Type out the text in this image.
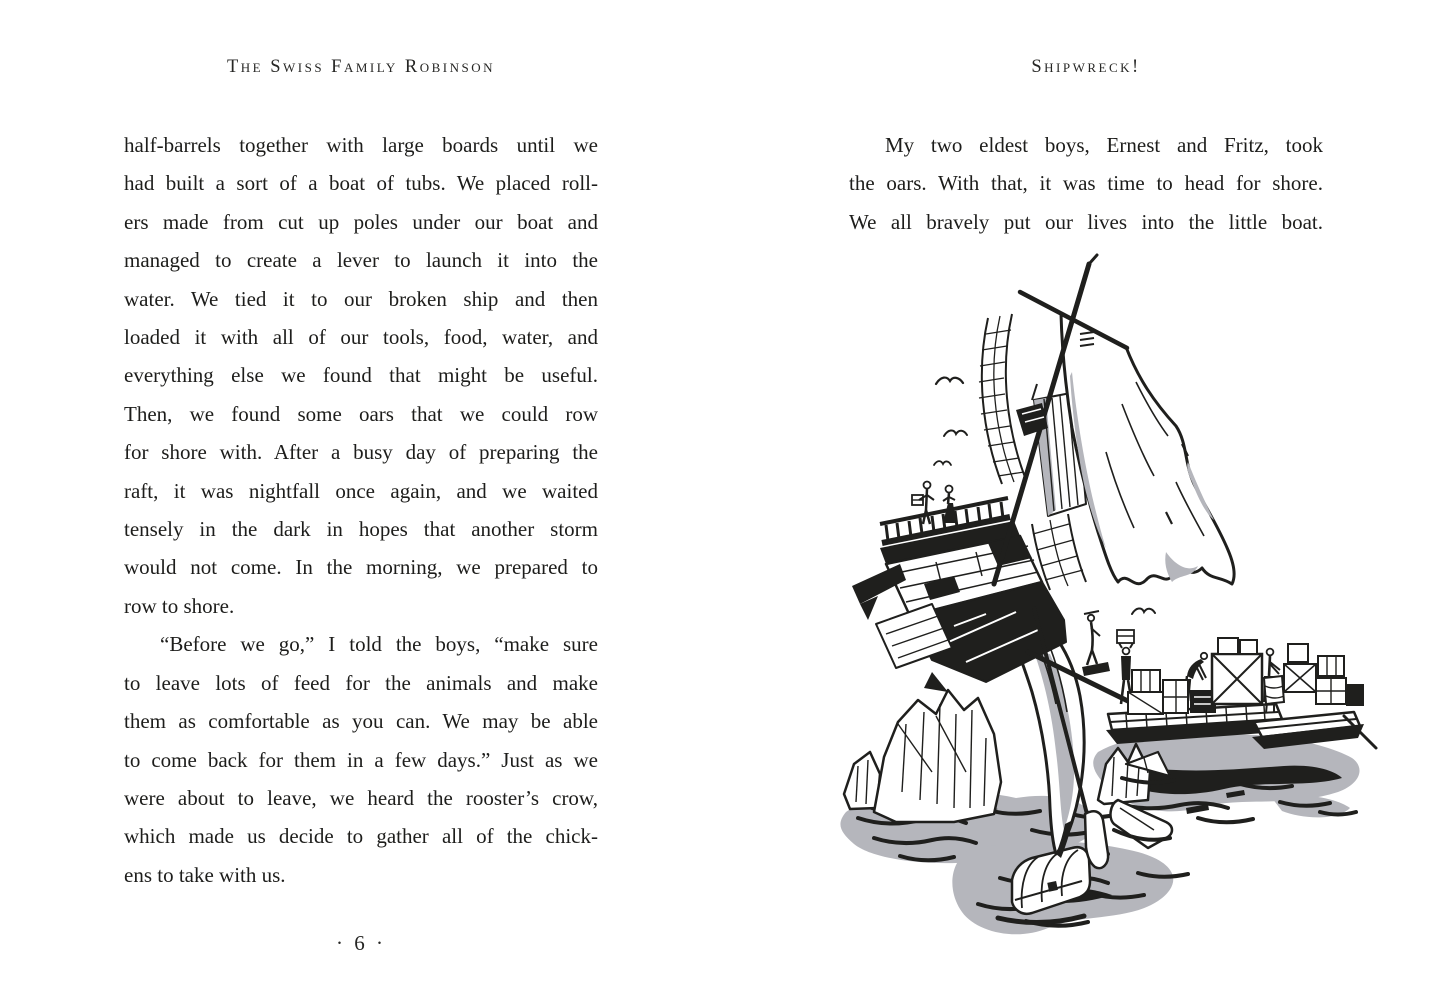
The Swiss Family Robinson
half-barrels together with large boards until we
had built a sort of a boat of tubs. We placed roll-
ers made from cut up poles under our boat and
managed to create a lever to launch it into the
water. We tied it to our broken ship and then
loaded it with all of our tools, food, water, and
everything else we found that might be useful.
Then, we found some oars that we could row
for shore with. After a busy day of preparing the
raft, it was nightfall once again, and we waited
tensely in the dark in hopes that another storm
would not come. In the morning, we prepared to
row to shore.
“Before we go,” I told the boys, “make sure
to leave lots of feed for the animals and make
them as comfortable as you can. We may be able
to come back for them in a few days.” Just as we
were about to leave, we heard the rooster’s crow,
which made us decide to gather all of the chick-
ens to take with us.
· 6 ·
Shipwreck!
My two eldest boys, Ernest and Fritz, took
the oars. With that, it was time to head for shore.
We all bravely put our lives into the little boat.
